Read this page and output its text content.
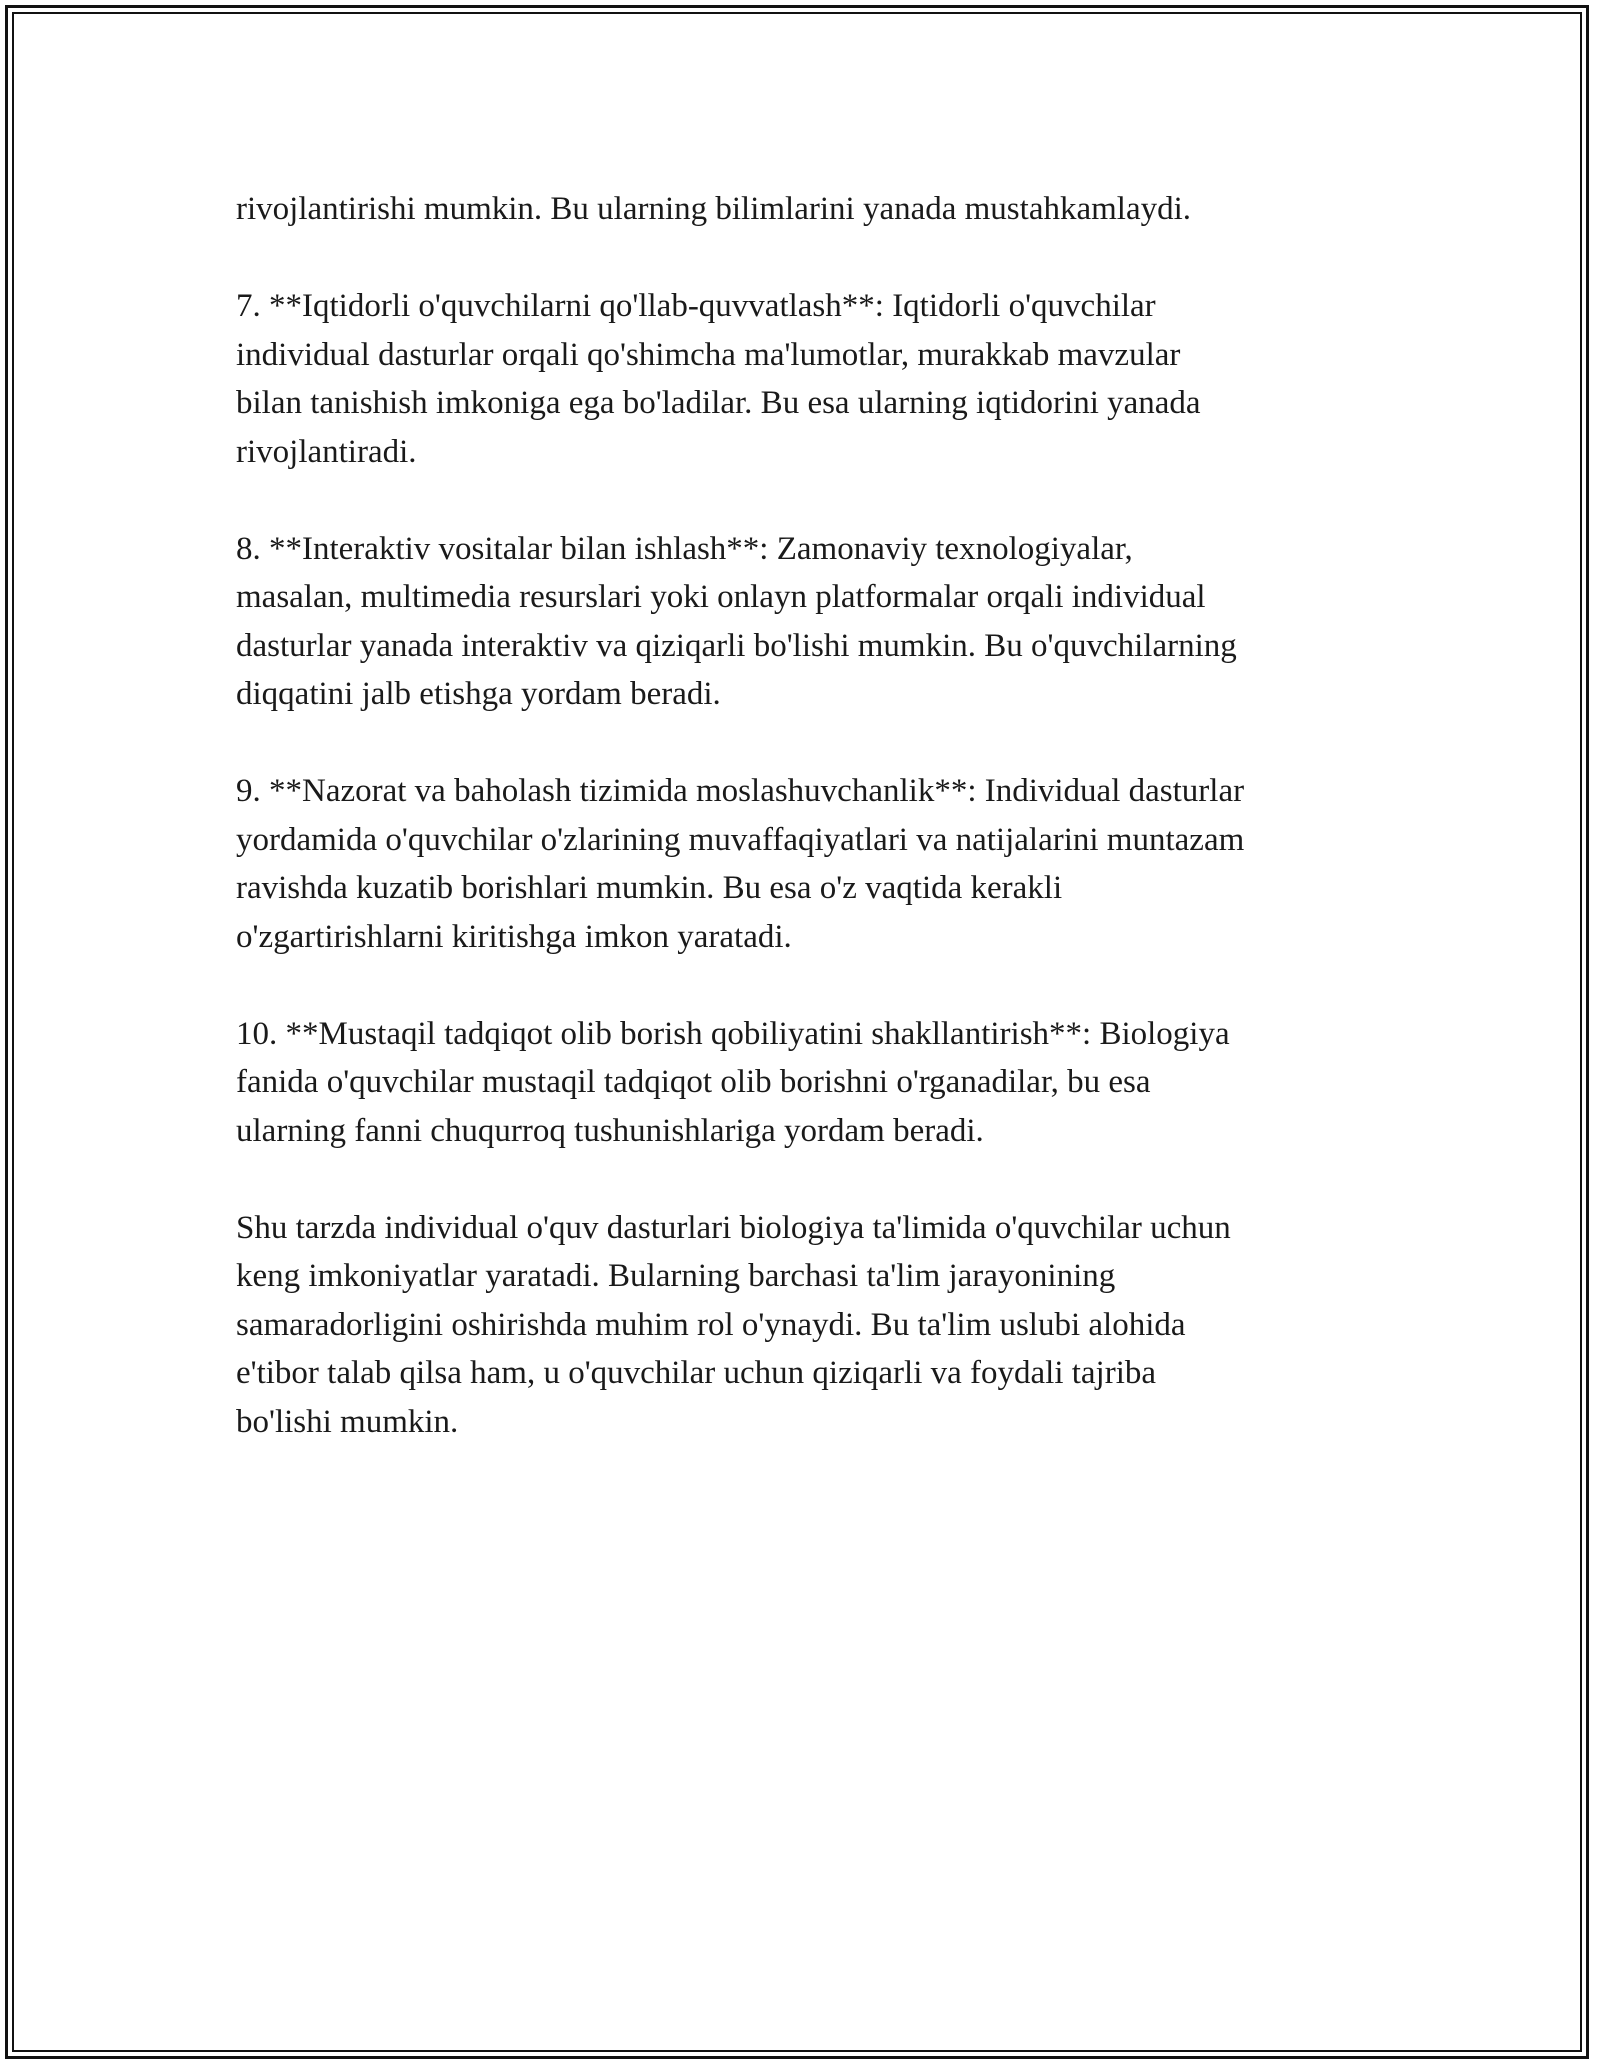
rivojlantirishi mumkin. Bu ularning bilimlarini yanada mustahkamlaydi.

7. **Iqtidorli o'quvchilarni qo'llab-quvvatlash**: Iqtidorli o'quvchilar
individual dasturlar orqali qo'shimcha ma'lumotlar, murakkab mavzular
bilan tanishish imkoniga ega bo'ladilar. Bu esa ularning iqtidorini yanada
rivojlantiradi.

8. **Interaktiv vositalar bilan ishlash**: Zamonaviy texnologiyalar,
masalan, multimedia resurslari yoki onlayn platformalar orqali individual
dasturlar yanada interaktiv va qiziqarli bo'lishi mumkin. Bu o'quvchilarning
diqqatini jalb etishga yordam beradi.

9. **Nazorat va baholash tizimida moslashuvchanlik**: Individual dasturlar
yordamida o'quvchilar o'zlarining muvaffaqiyatlari va natijalarini muntazam
ravishda kuzatib borishlari mumkin. Bu esa o'z vaqtida kerakli
o'zgartirishlarni kiritishga imkon yaratadi.

10. **Mustaqil tadqiqot olib borish qobiliyatini shakllantirish**: Biologiya
fanida o'quvchilar mustaqil tadqiqot olib borishni o'rganadilar, bu esa
ularning fanni chuqurroq tushunishlariga yordam beradi.

Shu tarzda individual o'quv dasturlari biologiya ta'limida o'quvchilar uchun
keng imkoniyatlar yaratadi. Bularning barchasi ta'lim jarayonining
samaradorligini oshirishda muhim rol o'ynaydi. Bu ta'lim uslubi alohida
e'tibor talab qilsa ham, u o'quvchilar uchun qiziqarli va foydali tajriba
bo'lishi mumkin.
